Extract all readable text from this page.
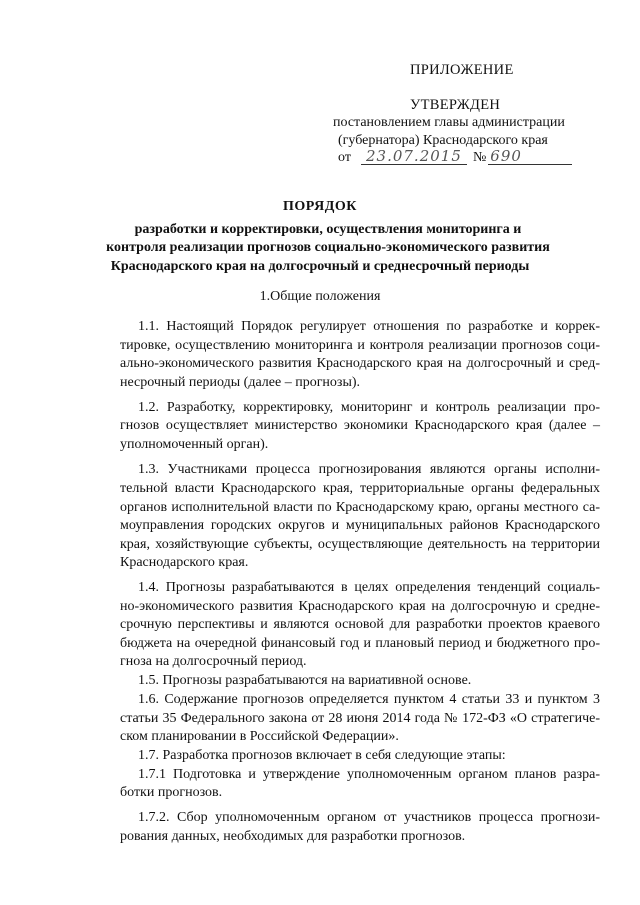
ПРИЛОЖЕНИЕ
УТВЕРЖДЕН
постановлением главы администрации
(губернатора) Краснодарского края
от 23.07.2015 № 690
ПОРЯДОК
разработки и корректировки, осуществления мониторинга и
контроля реализации прогнозов социально-экономического развития
Краснодарского края на долгосрочный и среднесрочный периоды
1.Общие положения
1.1. Настоящий Порядок регулирует отношения по разработке и коррек-
тировке, осуществлению мониторинга и контроля реализации прогнозов соци-
ально-экономического развития Краснодарского края на долгосрочный и сред-
несрочный периоды (далее – прогнозы).
1.2. Разработку, корректировку, мониторинг и контроль реализации про-
гнозов осуществляет министерство экономики Краснодарского края (далее –
уполномоченный орган).
1.3. Участниками процесса прогнозирования являются органы исполни-
тельной власти Краснодарского края, территориальные органы федеральных
органов исполнительной власти по Краснодарскому краю, органы местного са-
моуправления городских округов и муниципальных районов Краснодарского
края, хозяйствующие субъекты, осуществляющие деятельность на территории
Краснодарского края.
1.4. Прогнозы разрабатываются в целях определения тенденций социаль-
но-экономического развития Краснодарского края на долгосрочную и средне-
срочную перспективы и являются основой для разработки проектов краевого
бюджета на очередной финансовый год и плановый период и бюджетного про-
гноза на долгосрочный период.
1.5. Прогнозы разрабатываются на вариативной основе.
1.6. Содержание прогнозов определяется пунктом 4 статьи 33 и пунктом 3
статьи 35 Федерального закона от 28 июня 2014 года № 172-ФЗ «О стратегиче-
ском планировании в Российской Федерации».
1.7. Разработка прогнозов включает в себя следующие этапы:
1.7.1 Подготовка и утверждение уполномоченным органом планов разра-
ботки прогнозов.
1.7.2. Сбор уполномоченным органом от участников процесса прогнози-
рования данных, необходимых для разработки прогнозов.
